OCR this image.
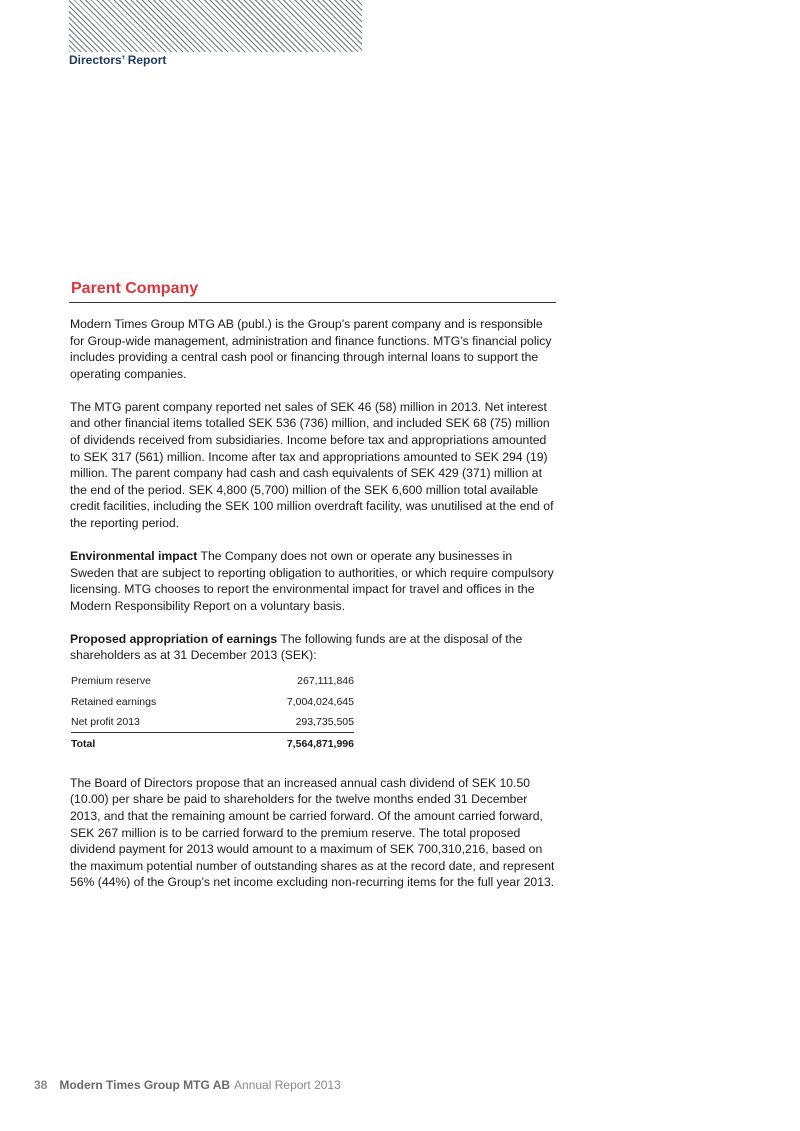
Directors’ Report
Parent Company

Modern Times Group MTG AB (publ.) is the Group’s parent company and is responsible for Group-wide management, administration and finance functions. MTG’s financial policy includes providing a central cash pool or financing through internal loans to support the operating companies.

The MTG parent company reported net sales of SEK 46 (58) million in 2013. Net interest and other financial items totalled SEK 536 (736) million, and included SEK 68 (75) million of dividends received from subsidiaries. Income before tax and appropriations amounted to SEK 317 (561) million. Income after tax and appropriations amounted to SEK 294 (19) million. The parent company had cash and cash equivalents of SEK 429 (371) million at the end of the period. SEK 4,800 (5,700) million of the SEK 6,600 million total available credit facilities, including the SEK 100 million overdraft facility, was unutilised at the end of the reporting period.

Environmental impact The Company does not own or operate any businesses in Sweden that are subject to reporting obligation to authorities, or which require compulsory licensing. MTG chooses to report the environmental impact for travel and offices in the Modern Responsibility Report on a voluntary basis.

Proposed appropriation of earnings The following funds are at the disposal of the shareholders as at 31 December 2013 (SEK):

Premium reserve	267,111,846
Retained earnings	7,004,024,645
Net profit 2013	293,735,505
Total	7,564,871,996

The Board of Directors propose that an increased annual cash dividend of SEK 10.50 (10.00) per share be paid to shareholders for the twelve months ended 31 December 2013, and that the remaining amount be carried forward. Of the amount carried forward, SEK 267 million is to be carried forward to the premium reserve. The total proposed dividend payment for 2013 would amount to a maximum of SEK 700,310,216, based on the maximum potential number of outstanding shares as at the record date, and represent 56% (44%) of the Group’s net income excluding non-recurring items for the full year 2013.

38 Modern Times Group MTG AB Annual Report 2013
